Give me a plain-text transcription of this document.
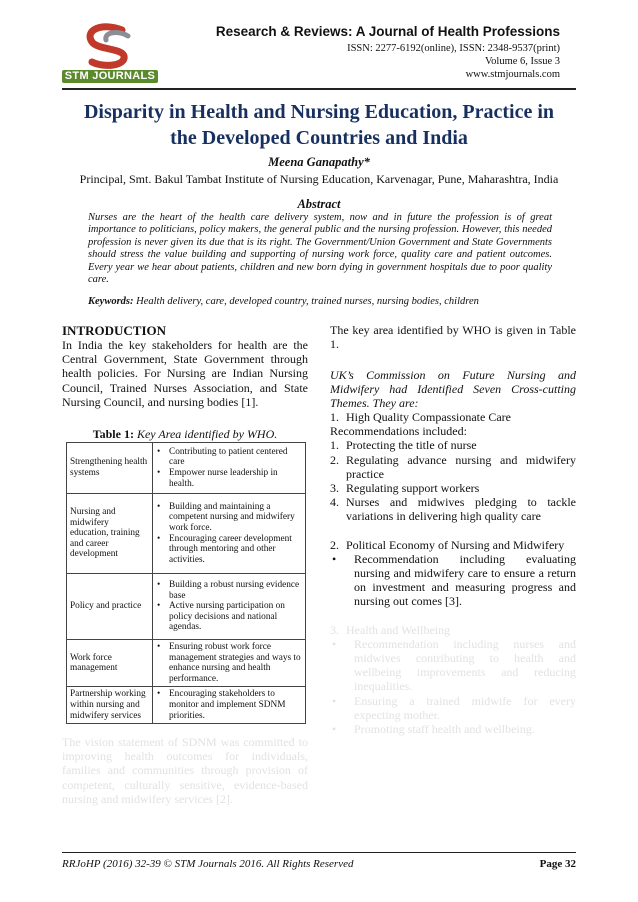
STM JOURNALS
Research & Reviews: A Journal of Health Professions
ISSN: 2277-6192(online), ISSN: 2348-9537(print)
Volume 6, Issue 3
www.stmjournals.com
Disparity in Health and Nursing Education, Practice in
the Developed Countries and India
Meena Ganapathy*
Principal, Smt. Bakul Tambat Institute of Nursing Education, Karvenagar, Pune, Maharashtra, India
Abstract
Nurses are the heart of the health care delivery system, now and in future the profession is of great importance to politicians, policy makers, the general public and the nursing profession. However, this needed profession is never given its due that is its right. The Government/Union Government and State Governments should stress the value building and supporting of nursing work force, quality care and patient outcomes. Every year we hear about patients, children and new born dying in government hospitals due to poor quality care.
Keywords: Health delivery, care, developed country, trained nurses, nursing bodies, children
INTRODUCTION
In India the key stakeholders for health are the Central Government, State Government through health policies. For Nursing are Indian Nursing Council, Trained Nurses Association, and State Nursing Council, and nursing bodies [1].
Table 1: Key Area identified by WHO.
Strengthening health systems	• Contributing to patient centered care
• Empower nurse leadership in health.

Nursing and midwifery education, training and career development	• Building and maintaining a competent nursing and midwifery work force.
• Encouraging career development through mentoring and other activities.

Policy and practice	• Building a robust nursing evidence base
• Active nursing participation on policy decisions and national agendas.

Work force management	• Ensuring robust work force management strategies and ways to enhance nursing and health performance.

Partnership working within nursing and midwifery services	• Encouraging stakeholders to monitor and implement SDNM priorities.
The vision statement of SDNM was committed to improving health outcomes for individuals, families and communities through provision of competent, culturally sensitive, evidence-based nursing and midwifery services [2].
The key area identified by WHO is given in Table 1.
UK’s Commission on Future Nursing and Midwifery had Identified Seven Cross-cutting Themes. They are:
1. High Quality Compassionate Care
Recommendations included:
1. Protecting the title of nurse
2. Regulating advance nursing and midwifery practice
3. Regulating support workers
4. Nurses and midwives pledging to tackle variations in delivering high quality care
2. Political Economy of Nursing and Midwifery
•	Recommendation including evaluating nursing and midwifery care to ensure a return on investment and measuring progress and nursing out comes [3].
3. Health and Wellbeing
•	Recommendation including nurses and midwives contributing to health and wellbeing improvements and reducing inequalities.
•	Ensuring a trained midwife for every expecting mother.
•	Promoting staff health and wellbeing.
RRJoHP (2016) 32-39 © STM Journals 2016. All Rights Reserved	Page 32
